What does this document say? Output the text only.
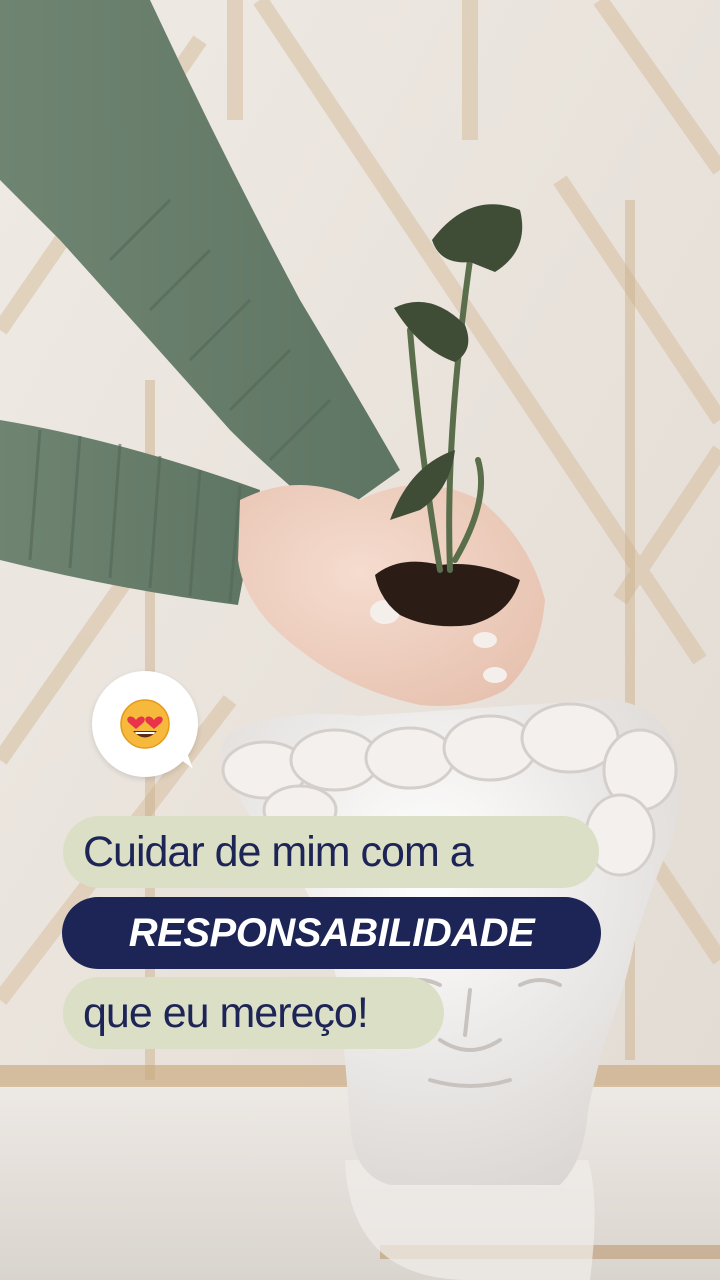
Cuidar de mim com a
RESPONSABILIDADE
que eu mereço!
